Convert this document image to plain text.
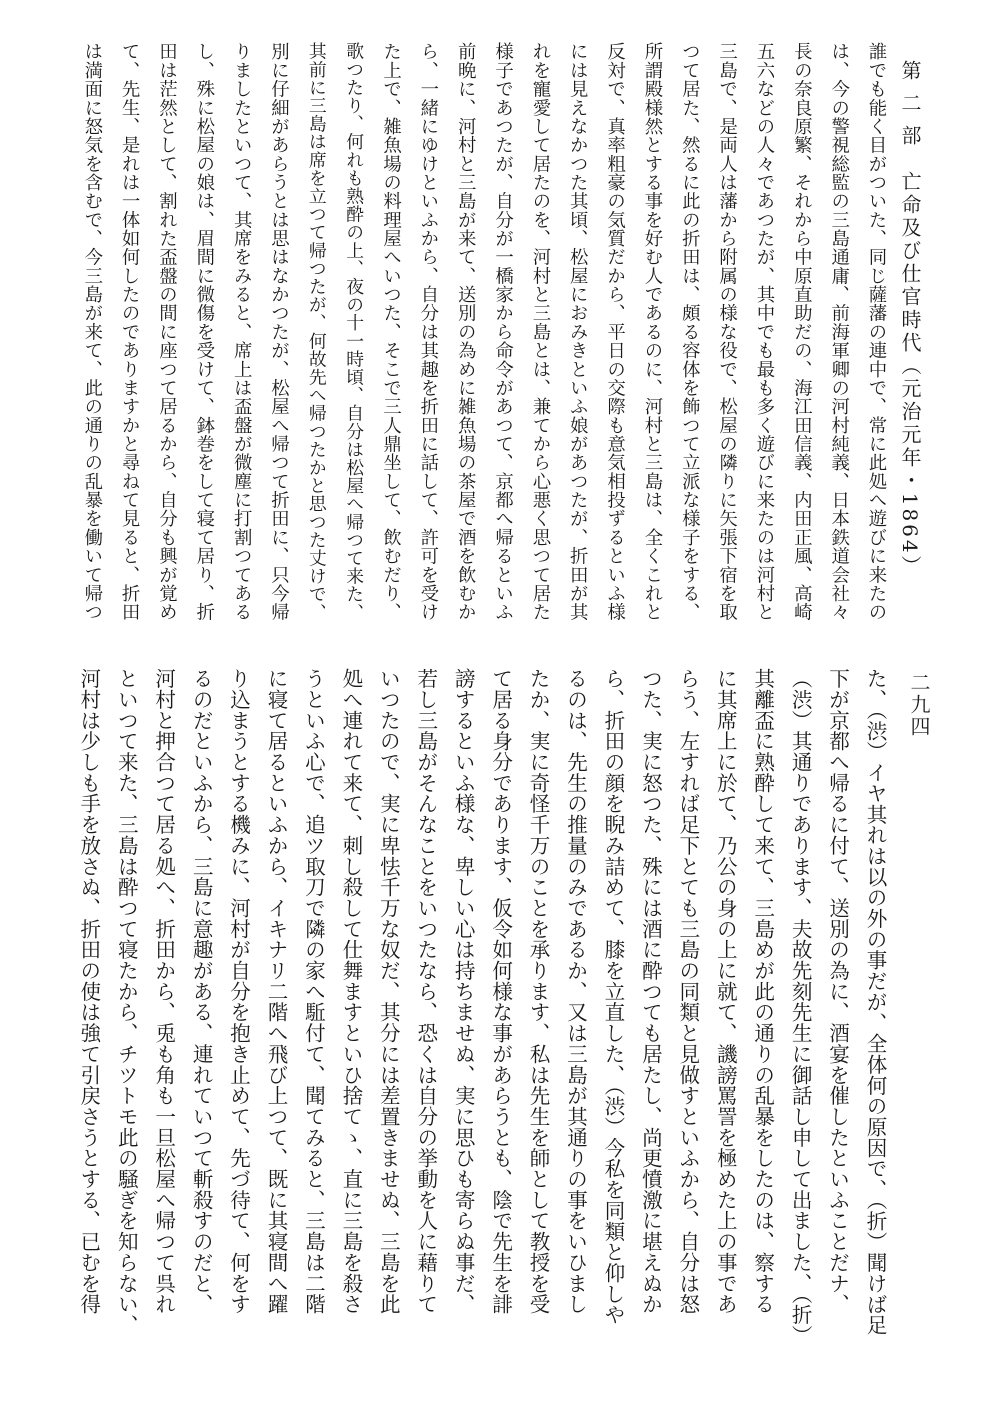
第 二 部　亡命及び仕官時代（元治元年・1864）
二九四
誰でも能く目がついた、同じ薩藩の連中で、常に此処へ遊びに来たの
は、今の警視総監の三島通庸、前海軍卿の河村純義、日本鉄道会社々
長の奈良原繁、それから中原直助だの、海江田信義、内田正風、高崎
五六などの人々であつたが、其中でも最も多く遊びに来たのは河村と
三島で、是両人は藩から附属の様な役で、松屋の隣りに矢張下宿を取
つて居た、然るに此の折田は、頗る容体を飾つて立派な様子をする、
所謂殿様然とする事を好む人であるのに、河村と三島は、全くこれと
反対で、真率粗豪の気質だから、平日の交際も意気相投ずるといふ様
には見えなかつた其頃、松屋におみきといふ娘があつたが、折田が其
れを寵愛して居たのを、河村と三島とは、兼てから心悪く思つて居た
様子であつたが、自分が一橋家から命令があつて、京都へ帰るといふ
前晩に、河村と三島が来て、送別の為めに雑魚場の茶屋で酒を飲むか
ら、一緒にゆけといふから、自分は其趣を折田に話して、許可を受け
た上で、雑魚場の料理屋へいつた、そこで三人鼎坐して、飲むだり、
歌つたり、何れも熟酔の上、夜の十一時頃、自分は松屋へ帰つて来た、
其前に三島は席を立つて帰つたが、何故先へ帰つたかと思つた丈けで、
別に仔細があらうとは思はなかつたが、松屋へ帰つて折田に、只今帰
りましたといつて、其席をみると、席上は盃盤が微塵に打割つてある
し、殊に松屋の娘は、眉間に微傷を受けて、鉢巻をして寝て居り、折
田は茫然として、割れた盃盤の間に座つて居るから、自分も興が覚め
て、先生、是れは一体如何したのでありますかと尋ねて見ると、折田
は満面に怒気を含むで、今三島が来て、此の通りの乱暴を働いて帰つ
た、（渋）イヤ其れは以の外の事だが、全体何の原因で、（折）聞けば足
下が京都へ帰るに付て、送別の為に、酒宴を催したといふことだナ、
（渋）其通りであります、夫故先刻先生に御話し申して出ました、（折）
其離盃に熟酔して来て、三島めが此の通りの乱暴をしたのは、察する
に其席上に於て、乃公の身の上に就て、譏謗罵詈を極めた上の事であ
らう、左すれば足下とても三島の同類と見做すといふから、自分は怒
つた、実に怒つた、殊には酒に酔つても居たし、尚更憤激に堪えぬか
ら、折田の顔を睨み詰めて、膝を立直した、（渋）今私を同類と仰しや
るのは、先生の推量のみであるか、又は三島が其通りの事をいひまし
たか、実に奇怪千万のことを承ります、私は先生を師として教授を受
て居る身分であります、仮令如何様な事があらうとも、陰で先生を誹
謗するといふ様な、卑しい心は持ちませぬ、実に思ひも寄らぬ事だ、
若し三島がそんなことをいつたなら、恐くは自分の挙動を人に藉りて
いつたので、実に卑怯千万な奴だ、其分には差置きませぬ、三島を此
処へ連れて来て、刺し殺して仕舞ますといひ捨てゝ、直に三島を殺さ
うといふ心で、追ツ取刀で隣の家へ駈付て、聞てみると、三島は二階
に寝て居るといふから、イキナリ二階へ飛び上つて、既に其寝間へ躍
り込まうとする機みに、河村が自分を抱き止めて、先づ待て、何をす
るのだといふから、三島に意趣がある、連れていつて斬殺すのだと、
河村と押合つて居る処へ、折田から、兎も角も一旦松屋へ帰つて呉れ
といつて来た、三島は酔つて寝たから、チツトモ此の騒ぎを知らない、
河村は少しも手を放さぬ、折田の使は強て引戻さうとする、已むを得
